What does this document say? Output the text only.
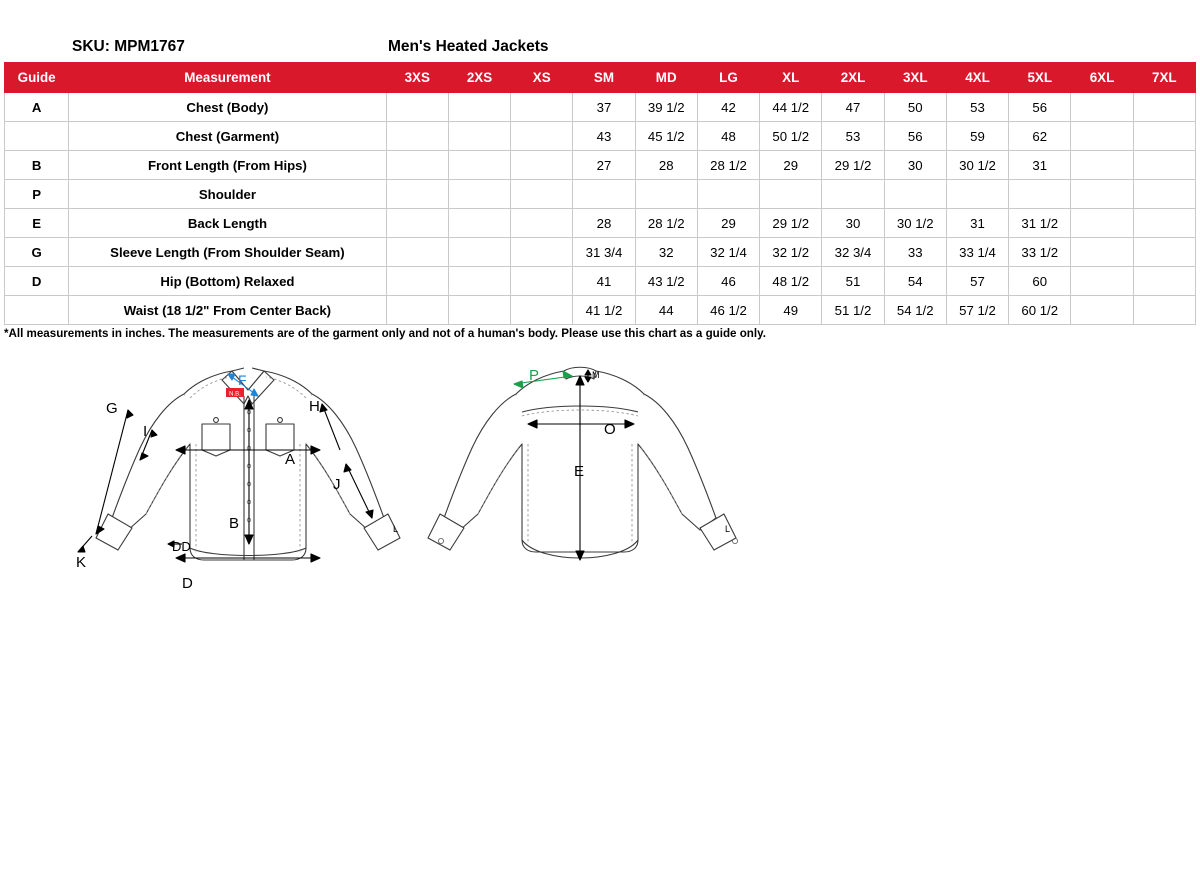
SKU: MPM1767	Men's Heated Jackets
Guide	Measurement	3XS	2XS	XS	SM	MD	LG	XL	2XL	3XL	4XL	5XL	6XL	7XL
A	Chest (Body)				37	39 1/2	42	44 1/2	47	50	53	56		
	Chest (Garment)				43	45 1/2	48	50 1/2	53	56	59	62		
B	Front Length (From Hips)				27	28	28 1/2	29	29 1/2	30	30 1/2	31		
P	Shoulder													
E	Back Length				28	28 1/2	29	29 1/2	30	30 1/2	31	31 1/2		
G	Sleeve Length (From Shoulder Seam)				31 3/4	32	32 1/4	32 1/2	32 3/4	33	33 1/4	33 1/2		
D	Hip (Bottom) Relaxed				41	43 1/2	46	48 1/2	51	54	57	60		
	Waist (18 1/2" From Center Back)				41 1/2	44	46 1/2	49	51 1/2	54 1/2	57 1/2	60 1/2		
*All measurements in inches. The measurements are of the garment only and not of a human's body. Please use this chart as a guide only.
N.B.
F
G
I
H
A
J
B
K
DD
D
P	M
O
E
L
L
